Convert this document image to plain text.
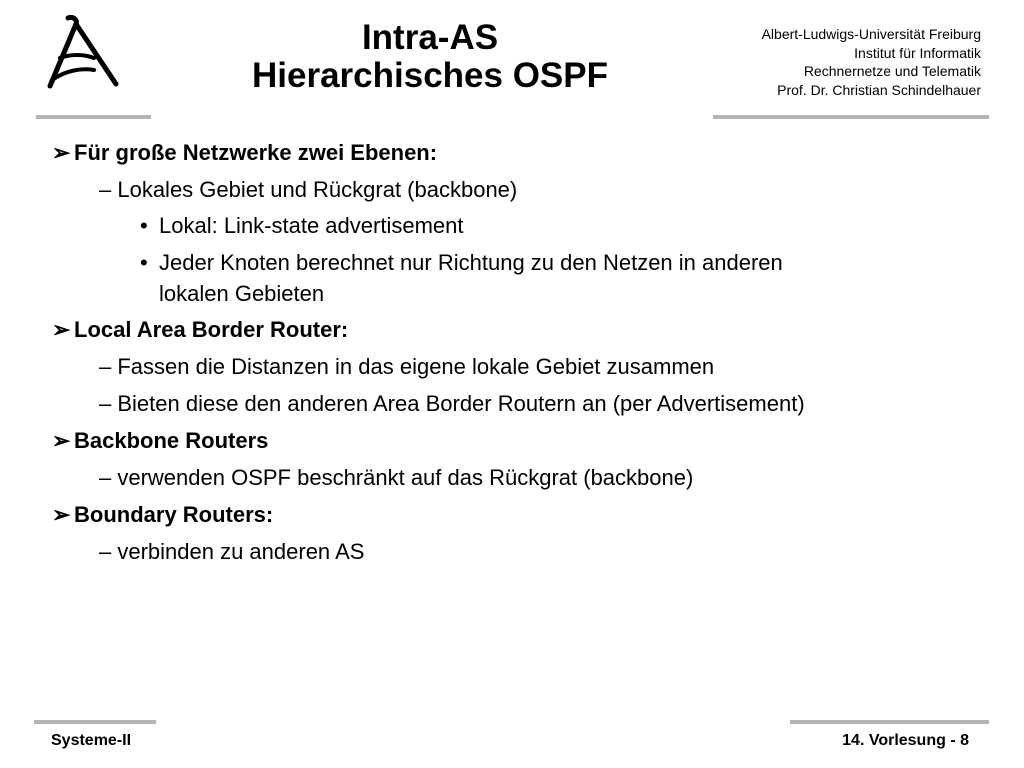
Intra-AS
Hierarchisches OSPF
Albert-Ludwigs-Universität Freiburg
Institut für Informatik
Rechnernetze und Telematik
Prof. Dr. Christian Schindelhauer
➢ Für große Netzwerke zwei Ebenen:
– Lokales Gebiet und Rückgrat (backbone)
• Lokal: Link-state advertisement
• Jeder Knoten berechnet nur Richtung zu den Netzen in anderen
lokalen Gebieten
➢ Local Area Border Router:
– Fassen die Distanzen in das eigene lokale Gebiet zusammen
– Bieten diese den anderen Area Border Routern an (per Advertisement)
➢ Backbone Routers
– verwenden OSPF beschränkt auf das Rückgrat (backbone)
➢ Boundary Routers:
– verbinden zu anderen AS
Systeme-II	14. Vorlesung - 8
